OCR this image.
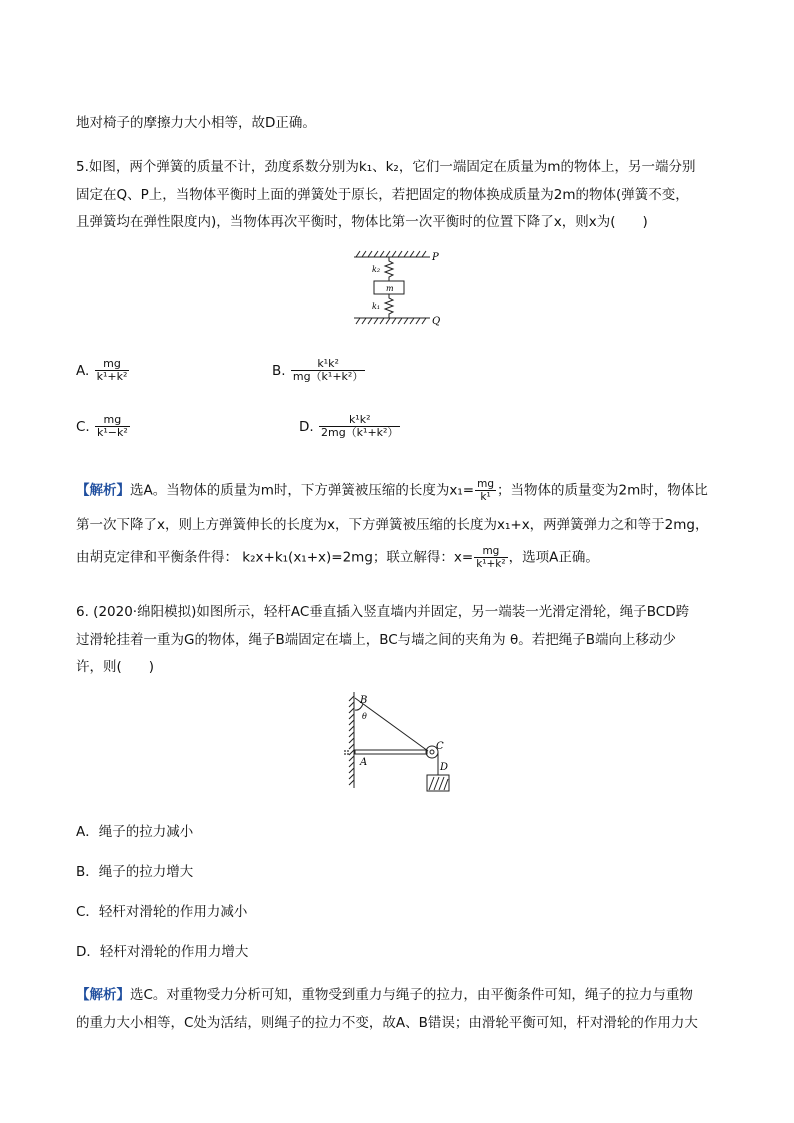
地对椅子的摩擦力大小相等，故D正确。
5.如图，两个弹簧的质量不计，劲度系数分别为k₁、k₂，它们一端固定在质量为m的物体上，另一端分别
固定在Q、P上，当物体平衡时上面的弹簧处于原长，若把固定的物体换成质量为2m的物体(弹簧不变，
且弹簧均在弹性限度内)，当物体再次平衡时，物体比第一次平衡时的位置下降了x，则x为(　　)
P
Q
k₂
k₁
m
A. $\frac{mg}{\text{k¹+k²}}$	B. $\frac{\text{k¹k²}}{\text{mg（k¹+k²）}}$
C. $\frac{mg}{\text{k¹−k²}}$	D. $\frac{\text{k¹k²}}{\text{2mg（k¹+k²）}}$
【解析】选A。当物体的质量为m时，下方弹簧被压缩的长度为$x_1= \frac{mg}{\text{k¹}}$ ；当物体的质量变为2m时，物体比
第一次下降了x，则上方弹簧伸长的长度为x，下方弹簧被压缩的长度为x₁+x，两弹簧弹力之和等于2mg，
由胡克定律和平衡条件得： k₂x+k₁(x₁+x)=2mg；联立解得：$x= \frac{mg}{\text{k¹+k²}}$ ，选项A正确。
6. (2020·绵阳模拟)如图所示，轻杆AC垂直插入竖直墙内并固定，另一端装一光滑定滑轮，绳子BCD跨
过滑轮挂着一重为G的物体，绳子B端固定在墙上，BC与墙之间的夹角为 θ。若把绳子B端向上移动少
许，则(　　)
B
θ
C
A	D
A．绳子的拉力减小
B．绳子的拉力增大
C．轻杆对滑轮的作用力减小
D．轻杆对滑轮的作用力增大
【解析】选C。对重物受力分析可知，重物受到重力与绳子的拉力，由平衡条件可知，绳子的拉力与重物
的重力大小相等，C处为活结，则绳子的拉力不变，故A、B错误；由滑轮平衡可知，杆对滑轮的作用力大
